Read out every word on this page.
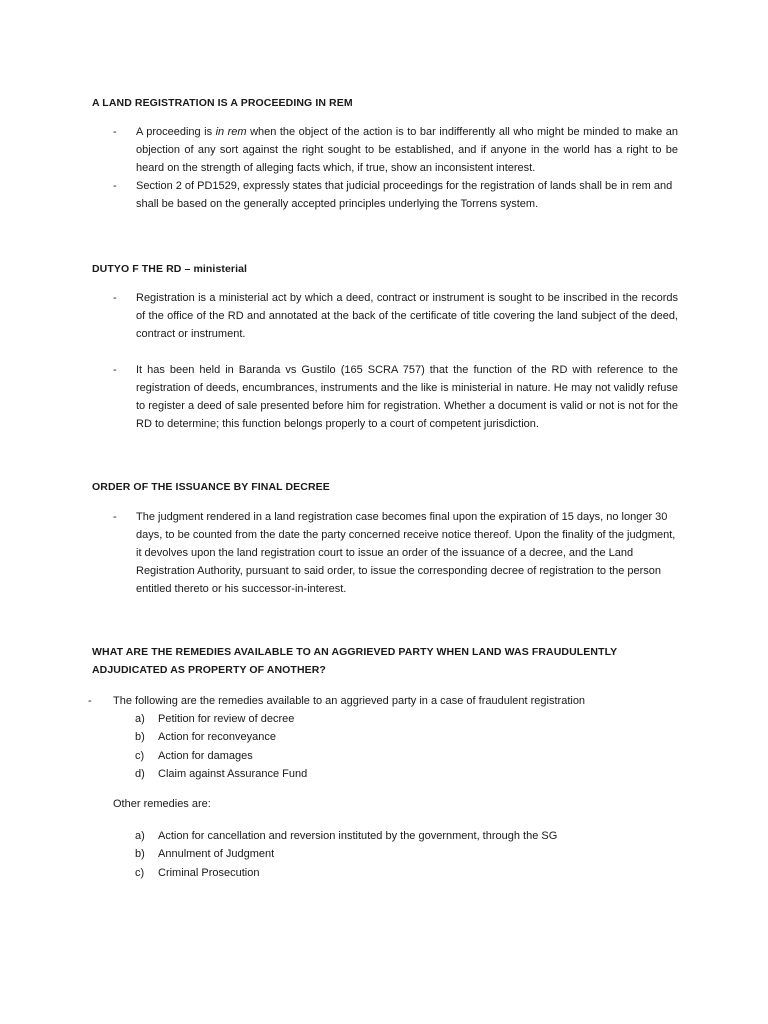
A LAND REGISTRATION IS A PROCEEDING IN REM
- A proceeding is in rem when the object of the action is to bar indifferently all who might be minded to make an objection of any sort against the right sought to be established, and if anyone in the world has a right to be heard on the strength of alleging facts which, if true, show an inconsistent interest.
- Section 2 of PD1529, expressly states that judicial proceedings for the registration of lands shall be in rem and shall be based on the generally accepted principles underlying the Torrens system.
DUTYO F THE RD – ministerial
- Registration is a ministerial act by which a deed, contract or instrument is sought to be inscribed in the records of the office of the RD and annotated at the back of the certificate of title covering the land subject of the deed, contract or instrument.
- It has been held in Baranda vs Gustilo (165 SCRA 757) that the function of the RD with reference to the registration of deeds, encumbrances, instruments and the like is ministerial in nature. He may not validly refuse to register a deed of sale presented before him for registration. Whether a document is valid or not is not for the RD to determine; this function belongs properly to a court of competent jurisdiction.
ORDER OF THE ISSUANCE BY FINAL DECREE
- The judgment rendered in a land registration case becomes final upon the expiration of 15 days, no longer 30 days, to be counted from the date the party concerned receive notice thereof. Upon the finality of the judgment, it devolves upon the land registration court to issue an order of the issuance of a decree, and the Land Registration Authority, pursuant to said order, to issue the corresponding decree of registration to the person entitled thereto or his successor-in-interest.
WHAT ARE THE REMEDIES AVAILABLE TO AN AGGRIEVED PARTY WHEN LAND WAS FRAUDULENTLY
ADJUDICATED AS PROPERTY OF ANOTHER?
- The following are the remedies available to an aggrieved party in a case of fraudulent registration
a)	Petition for review of decree
b)	Action for reconveyance
c)	Action for damages
d)	Claim against Assurance Fund
Other remedies are:
a)	Action for cancellation and reversion instituted by the government, through the SG
b)	Annulment of Judgment
c)	Criminal Prosecution
